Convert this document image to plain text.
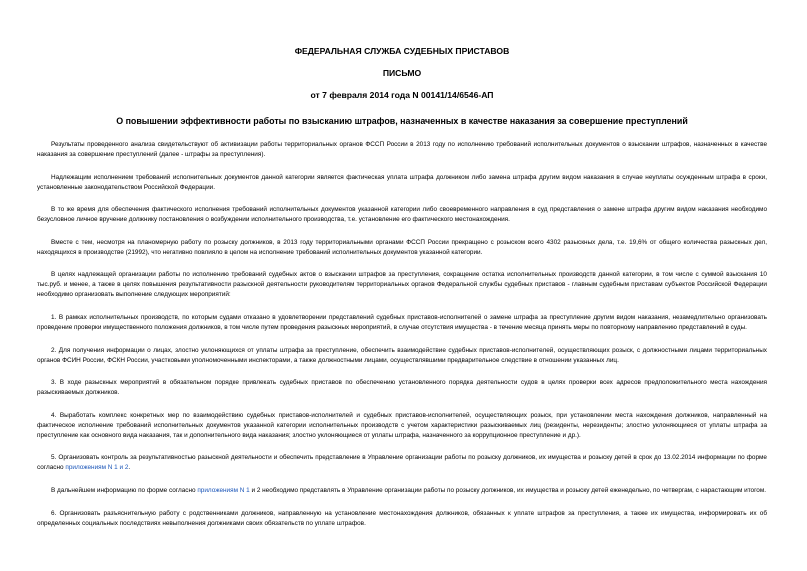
ФЕДЕРАЛЬНАЯ СЛУЖБА СУДЕБНЫХ ПРИСТАВОВ
ПИСЬМО
от 7 февраля 2014 года N 00141/14/6546-АП
О повышении эффективности работы по взысканию штрафов, назначенных в качестве наказания за совершение преступлений

Результаты проведенного анализа свидетельствуют об активизации работы территориальных органов ФССП России в 2013 году по исполнению требований исполнительных документов о взыскании штрафов, назначенных в качестве наказания за совершение преступлений (далее - штрафы за преступления).

Надлежащим исполнением требований исполнительных документов данной категории является фактическая уплата штрафа должником либо замена штрафа другим видом наказания в случае неуплаты осужденным штрафа в сроки, установленные законодательством Российской Федерации.

В то же время для обеспечения фактического исполнения требований исполнительных документов указанной категории либо своевременного направления в суд представления о замене штрафа другим видом наказания необходимо безусловное личное вручение должнику постановления о возбуждении исполнительного производства, т.е. установление его фактического местонахождения.

Вместе с тем, несмотря на планомерную работу по розыску должников, в 2013 году территориальными органами ФССП России прекращено с розыском всего 4302 разыскных дела, т.е. 19,6% от общего количества разыскных дел, находящихся в производстве (21992), что негативно повлияло в целом на исполнение требований исполнительных документов указанной категории.

В целях надлежащей организации работы по исполнению требований судебных актов о взыскании штрафов за преступления, сокращение остатка исполнительных производств данной категории, в том числе с суммой взыскания 10 тыс.руб. и менее, а также в целях повышения результативности разыскной деятельности руководителям территориальных органов Федеральной службы судебных приставов - главным судебным приставам субъектов Российской Федерации необходимо организовать выполнение следующих мероприятий:

1. В рамках исполнительных производств, по которым судами отказано в удовлетворении представлений судебных приставов-исполнителей о замене штрафа за преступление другим видом наказания, незамедлительно организовать проведение проверки имущественного положения должников, в том числе путем проведения разыскных мероприятий, в случае отсутствия имущества - в течение месяца принять меры по повторному направлению представлений в суды.

2. Для получения информации о лицах, злостно уклоняющихся от уплаты штрафа за преступление, обеспечить взаимодействие судебных приставов-исполнителей, осуществляющих розыск, с должностными лицами территориальных органов ФСИН России, ФСКН России, участковыми уполномоченными инспекторами, а также должностными лицами, осуществлявшими предварительное следствие в отношении указанных лиц.

3. В ходе разыскных мероприятий в обязательном порядке привлекать судебных приставов по обеспечению установленного порядка деятельности судов в целях проверки всех адресов предположительного места нахождения разыскиваемых должников.

4. Выработать комплекс конкретных мер по взаимодействию судебных приставов-исполнителей и судебных приставов-исполнителей, осуществляющих розыск, при установлении места нахождения должников, направленный на фактическое исполнение требований исполнительных документов указанной категории исполнительных производств с учетом характеристики разыскиваемых лиц (резиденты, нерезиденты; злостно уклоняющиеся от уплаты штрафа за преступление как основного вида наказания, так и дополнительного вида наказания; злостно уклоняющиеся от уплаты штрафа, назначенного за коррупционное преступление и др.).

5. Организовать контроль за результативностью разыскной деятельности и обеспечить представление в Управление организации работы по розыску должников, их имущества и розыску детей в срок до 13.02.2014 информации по форме согласно приложениям N 1 и 2.

В дальнейшем информацию по форме согласно приложениям N 1 и 2 необходимо представлять в Управление организации работы по розыску должников, их имущества и розыску детей еженедельно, по четвергам, с нарастающим итогом.

6. Организовать разъяснительную работу с родственниками должников, направленную на установление местонахождения должников, обязанных к уплате штрафов за преступления, а также их имущества, информировать их об определенных социальных последствиях невыполнения должниками своих обязательств по уплате штрафов.
